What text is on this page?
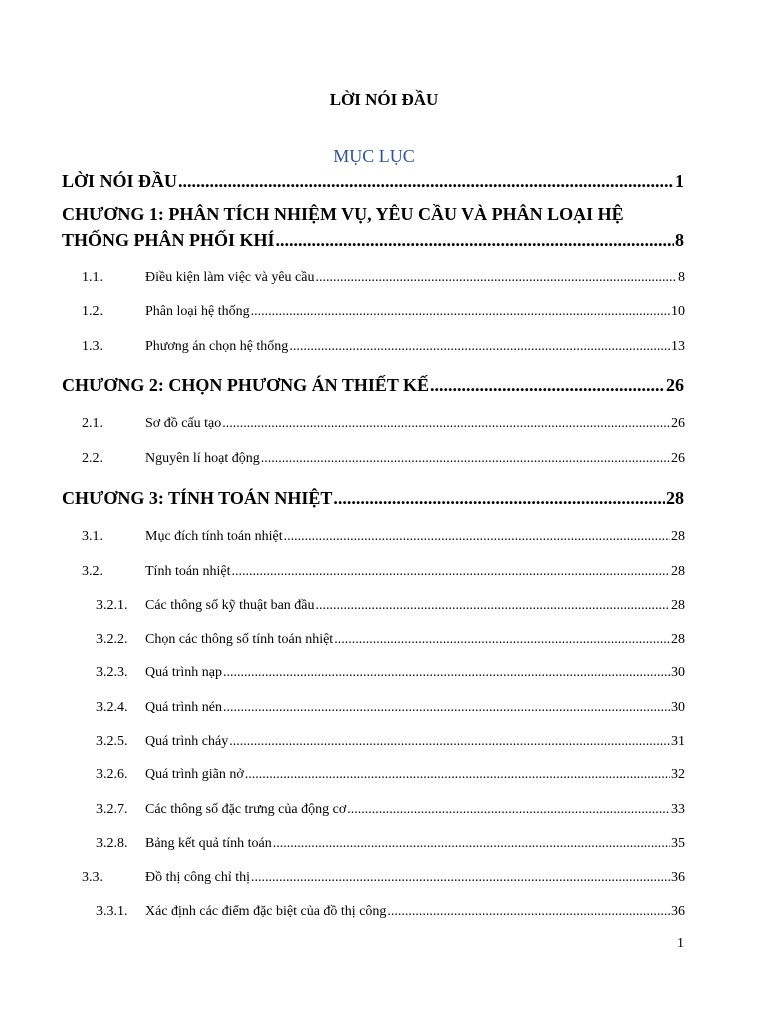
LỜI NÓI ĐẦU
MỤC LỤC
LỜI NÓI ĐẦU .....	1
CHƯƠNG 1: PHÂN TÍCH NHIỆM VỤ, YÊU CẦU VÀ PHÂN LOẠI HỆ
THỐNG PHÂN PHỐI KHÍ .....	8
1.1.	Điều kiện làm việc và yêu cầu .....	8
1.2.	Phân loại hệ thống .....	10
1.3.	Phương án chọn hệ thống .....	13
CHƯƠNG 2: CHỌN PHƯƠNG ÁN THIẾT KẾ .....	26
2.1.	Sơ đồ cấu tạo .....	26
2.2.	Nguyên lí hoạt động .....	26
CHƯƠNG 3: TÍNH TOÁN NHIỆT .....	28
3.1.	Mục đích tính toán nhiệt .....	28
3.2.	Tính toán nhiệt .....	28
3.2.1. Các thông số kỹ thuật ban đầu .....	28
3.2.2. Chọn các thông số tính toán nhiệt .....	28
3.2.3. Quá trình nạp .....	30
3.2.4. Quá trình nén .....	30
3.2.5. Quá trình cháy .....	31
3.2.6. Quá trình giãn nở .....	32
3.2.7. Các thông số đặc trưng của động cơ .....	33
3.2.8. Bảng kết quả tính toán .....	35
3.3.	Đồ thị công chỉ thị .....	36
3.3.1. Xác định các điểm đặc biệt của đồ thị công .....	36
1
